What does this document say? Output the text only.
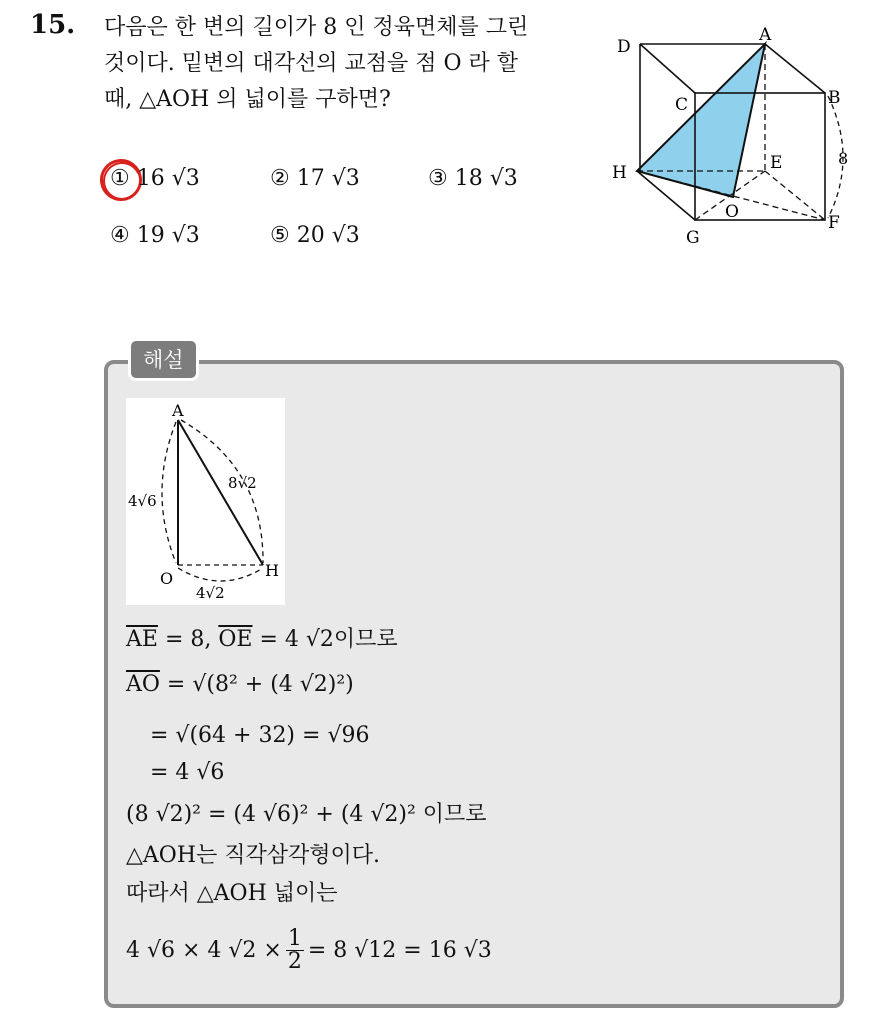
15. 다음은 한 변의 길이가 8 인 정육면체를 그린
것이다. 밑변의 대각선의 교점을 점 O 라 할
때, △AOH 의 넓이를 구하면?
① 16 √3	② 17 √3	③ 18 √3
④ 19 √3	⑤ 20 √3
D
A
B
C
H	E
O
F
G
8
해설
A
O	H
4√6
8√2
4√2
$\overline{AE} = 8$, $\overline{OE} = 4$ √2이므로
$\overline{AO} = √(8^2 + (4$ √2)²)
= √(64 + 32) = √96
= 4 √6
(8 √2)² = (4 √6)² + (4 √2)² 이므로
△AOH는 직각삼각형이다.
따라서 △AOH 넓이는
4 √6 × 4 $√2 \times \frac{1}{2} = 8$ √12 = 16 √3
